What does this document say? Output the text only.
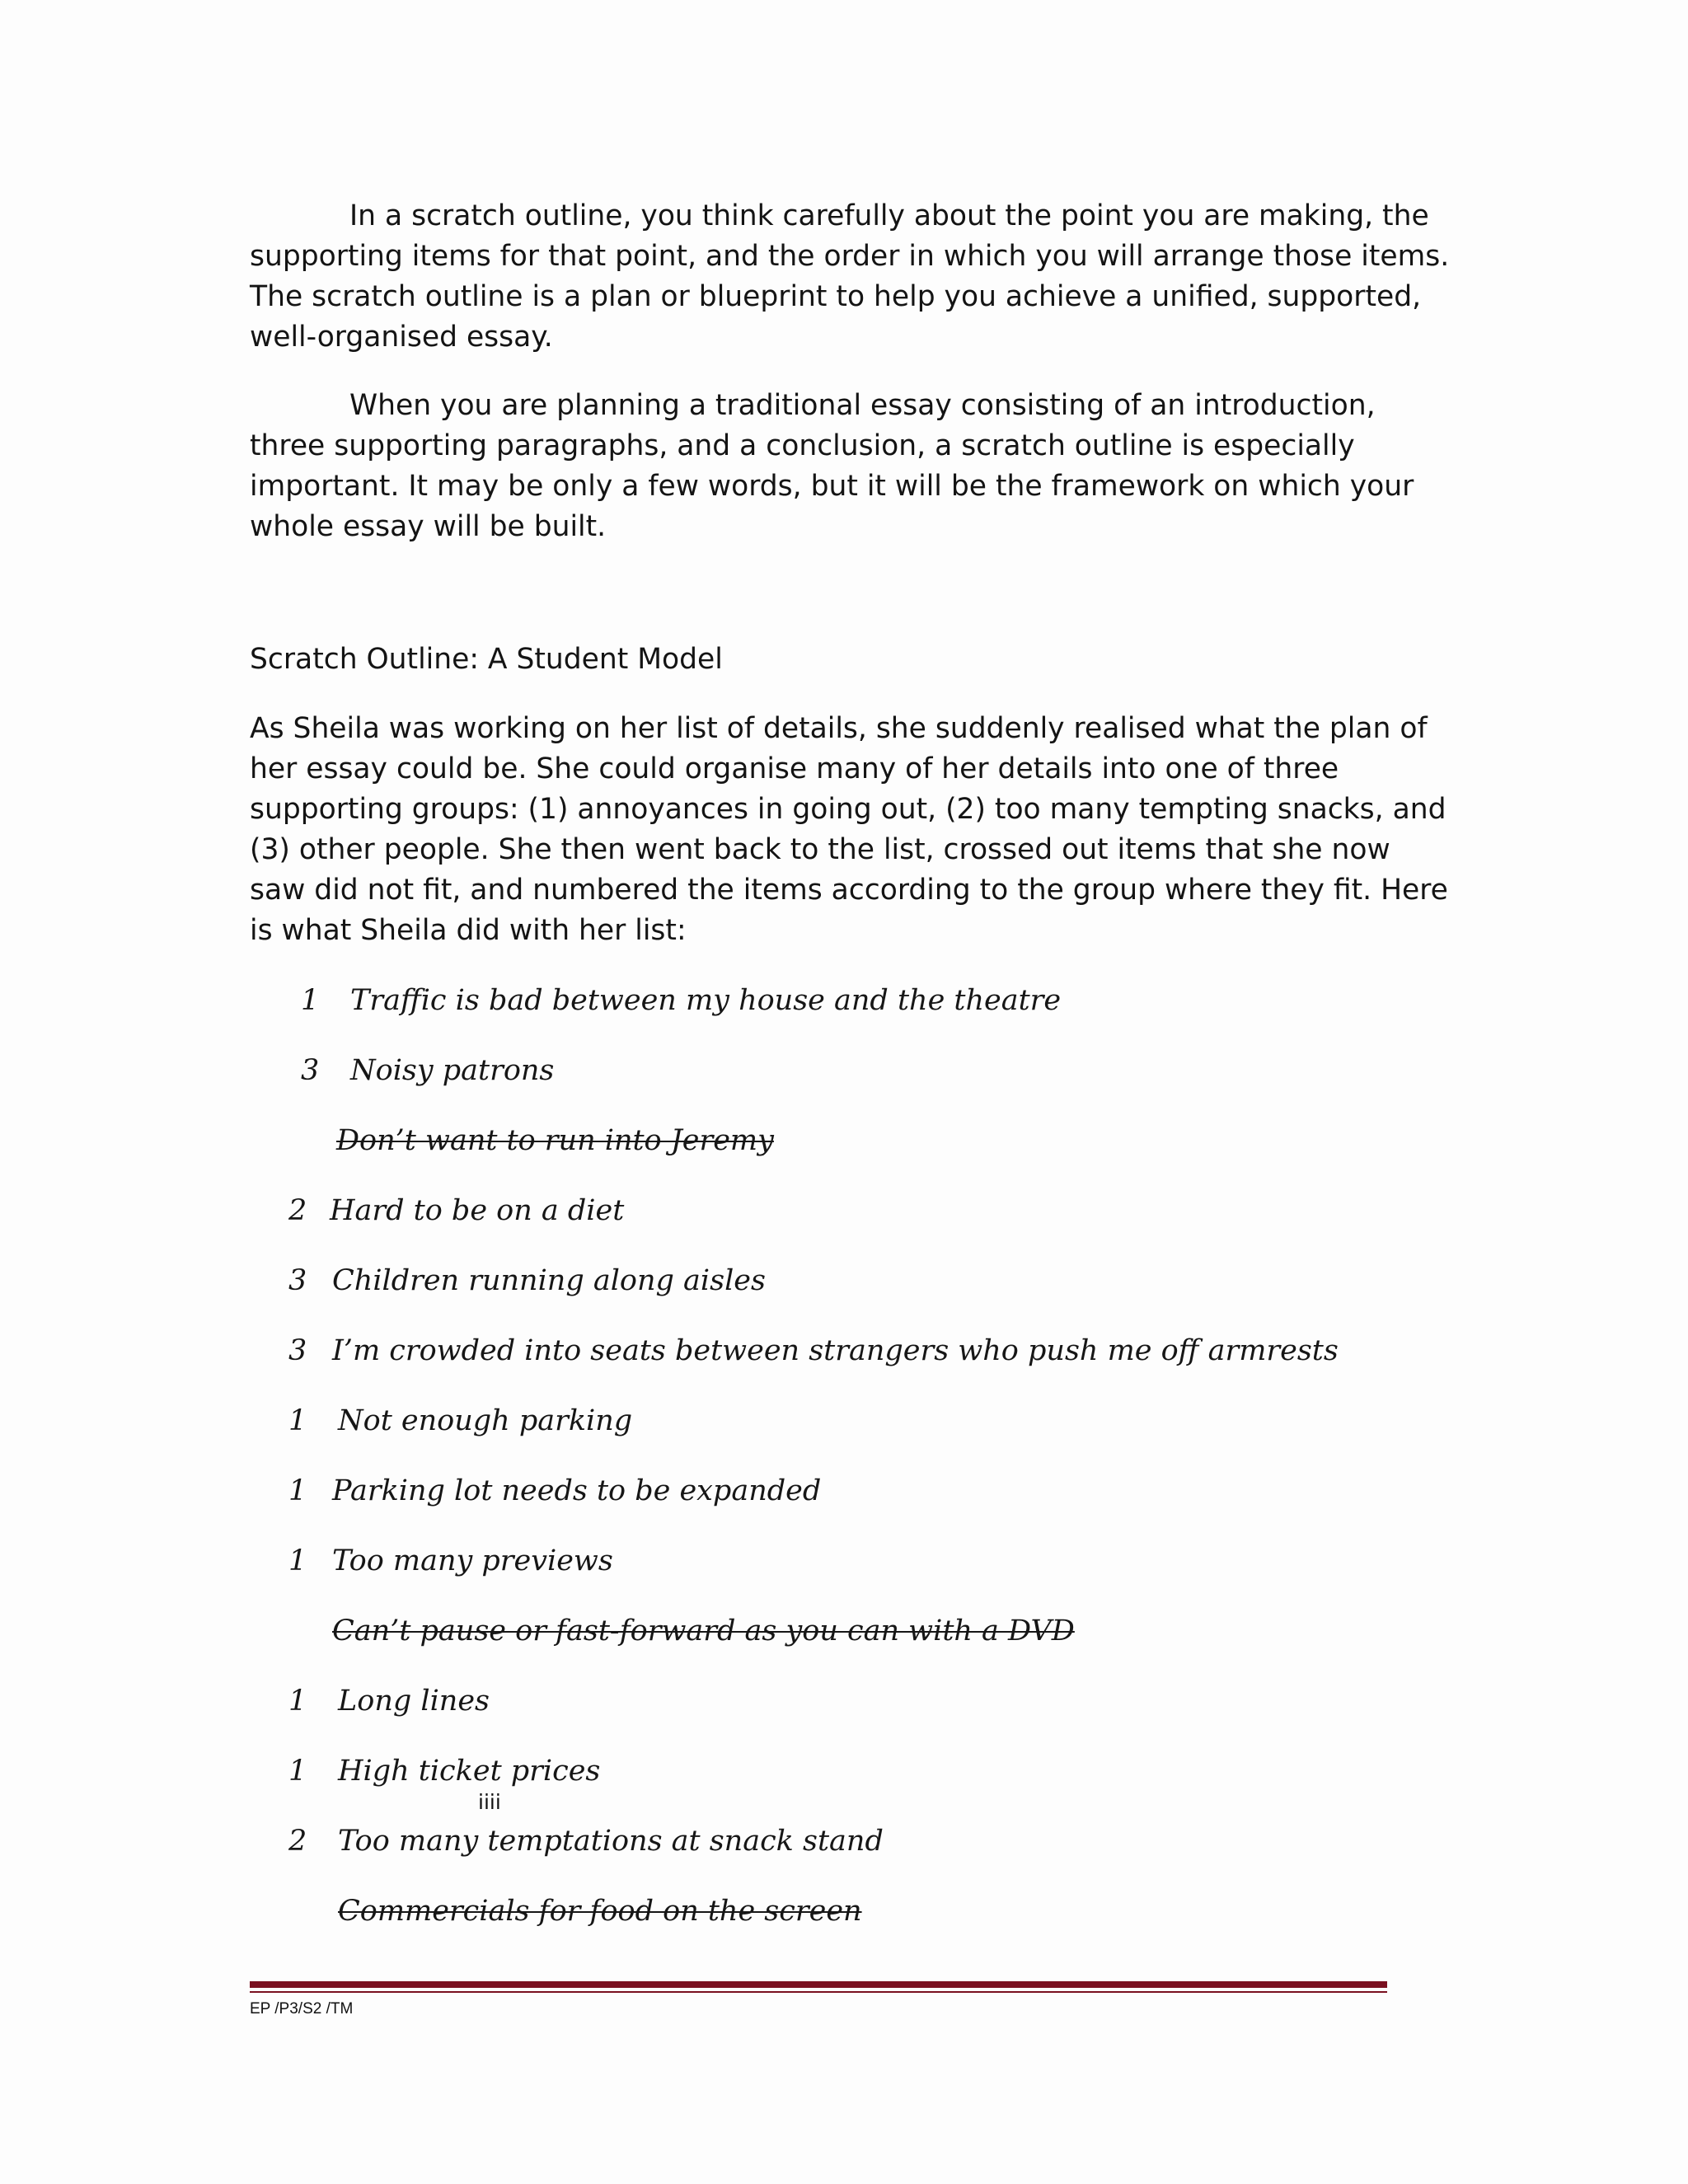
In a scratch outline, you think carefully about the point you are making, the supporting items for that point, and the order in which you will arrange those items. The scratch outline is a plan or blueprint to help you achieve a unified, supported, well-organised essay.

When you are planning a traditional essay consisting of an introduction, three supporting paragraphs, and a conclusion, a scratch outline is especially important. It may be only a few words, but it will be the framework on which your whole essay will be built.

Scratch Outline: A Student Model

As Sheila was working on her list of details, she suddenly realised what the plan of her essay could be. She could organise many of her details into one of three supporting groups: (1) annoyances in going out, (2) too many tempting snacks, and (3) other people. She then went back to the list, crossed out items that she now saw did not fit, and numbered the items according to the group where they fit. Here is what Sheila did with her list:

1 Traffic is bad between my house and the theatre
3 Noisy patrons
Don’t want to run into Jeremy
2 Hard to be on a diet
3 Children running along aisles
3 I’m crowded into seats between strangers who push me off armrests
1 Not enough parking
1 Parking lot needs to be expanded
1 Too many previews
Can’t pause or fast-forward as you can with a DVD
1 Long lines
1 High ticket prices
iiii
2 Too many temptations at snack stand
Commercials for food on the screen
EP /P3/S2 /TM
